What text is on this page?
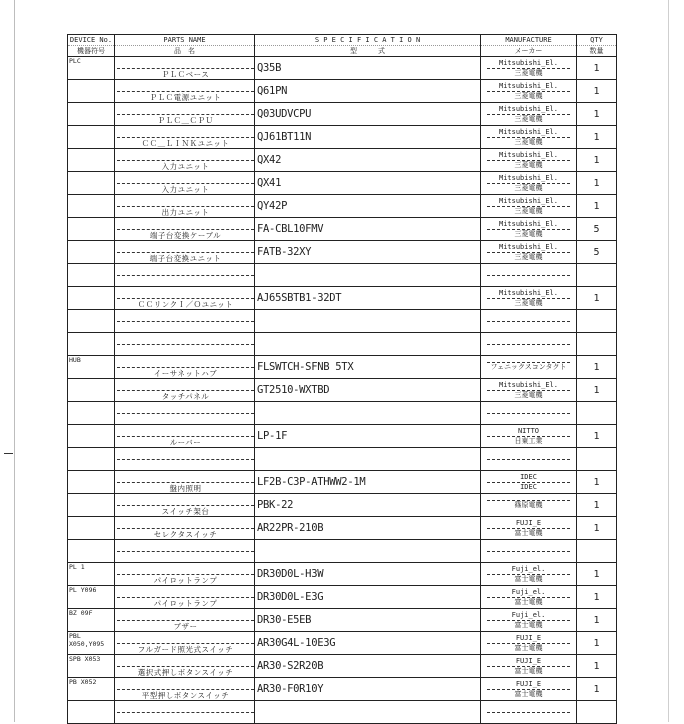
DEVICE No.	PARTS NAME	S P E C I F I C A T I O N	MANUFACTURE	QTY
機器符号	品　名	型　　　式	メーカー	数量
PLC	ＰＬＣベース	Q35B	Mitsubishi_El.
三菱電機	1

	ＰＬＣ電源ユニット	Q61PN	Mitsubishi_El.
三菱電機	1

	ＰＬＣ＿ＣＰＵ	Q03UDVCPU	Mitsubishi_El.
三菱電機	1

	ＣＣ＿ＬＩＮＫユニット	QJ61BT11N	Mitsubishi_El.
三菱電機	1

	入力ユニット	QX42	Mitsubishi_El.
三菱電機	1

	入力ユニット	QX41	Mitsubishi_El.
三菱電機	1

	出力ユニット	QY42P	Mitsubishi_El.
三菱電機	1

	端子台変換ケーブル	FA-CBL10FMV	Mitsubishi_El.
三菱電機	5

	端子台変換ユニット	FATB-32XY	Mitsubishi_El.
三菱電機	5

	ＣＣリンクＩ／Ｏユニット	AJ65SBTB1-32DT	Mitsubishi_El.
三菱電機	1

HUB	イーサネットハブ	FLSWTCH-SFNB 5TX	フェニックスコンタクト	1

	タッチパネル	GT2510-WXTBD	Mitsubishi_El.
三菱電機	1

	ルーバー	LP-1F	NITTO
日東工業	1

	盤内照明	LF2B-C3P-ATHWW2-1M	IDEC
IDEC	1

	スイッチ架台	PBK-22	篠原電機	1

	セレクタスイッチ	AR22PR-210B	FUJI_E
富士電機	1

PL 1	パイロットランプ	DR30D0L-H3W	Fuji_el.
富士電機	1
PL Y096	パイロットランプ	DR30D0L-E3G	Fuji_el.
富士電機	1
BZ 09F	ブザー	DR30-E5EB	Fuji_el.
富士電機	1
PBL X050,Y095	フルガード照光式スイッチ	AR30G4L-10E3G	FUJI_E
富士電機	1
SPB X053	選択式押しボタンスイッチ	AR30-S2R20B	FUJI_E
富士電機	1
PB X052	平型押しボタンスイッチ	AR30-F0R10Y	FUJI_E
富士電機	1
